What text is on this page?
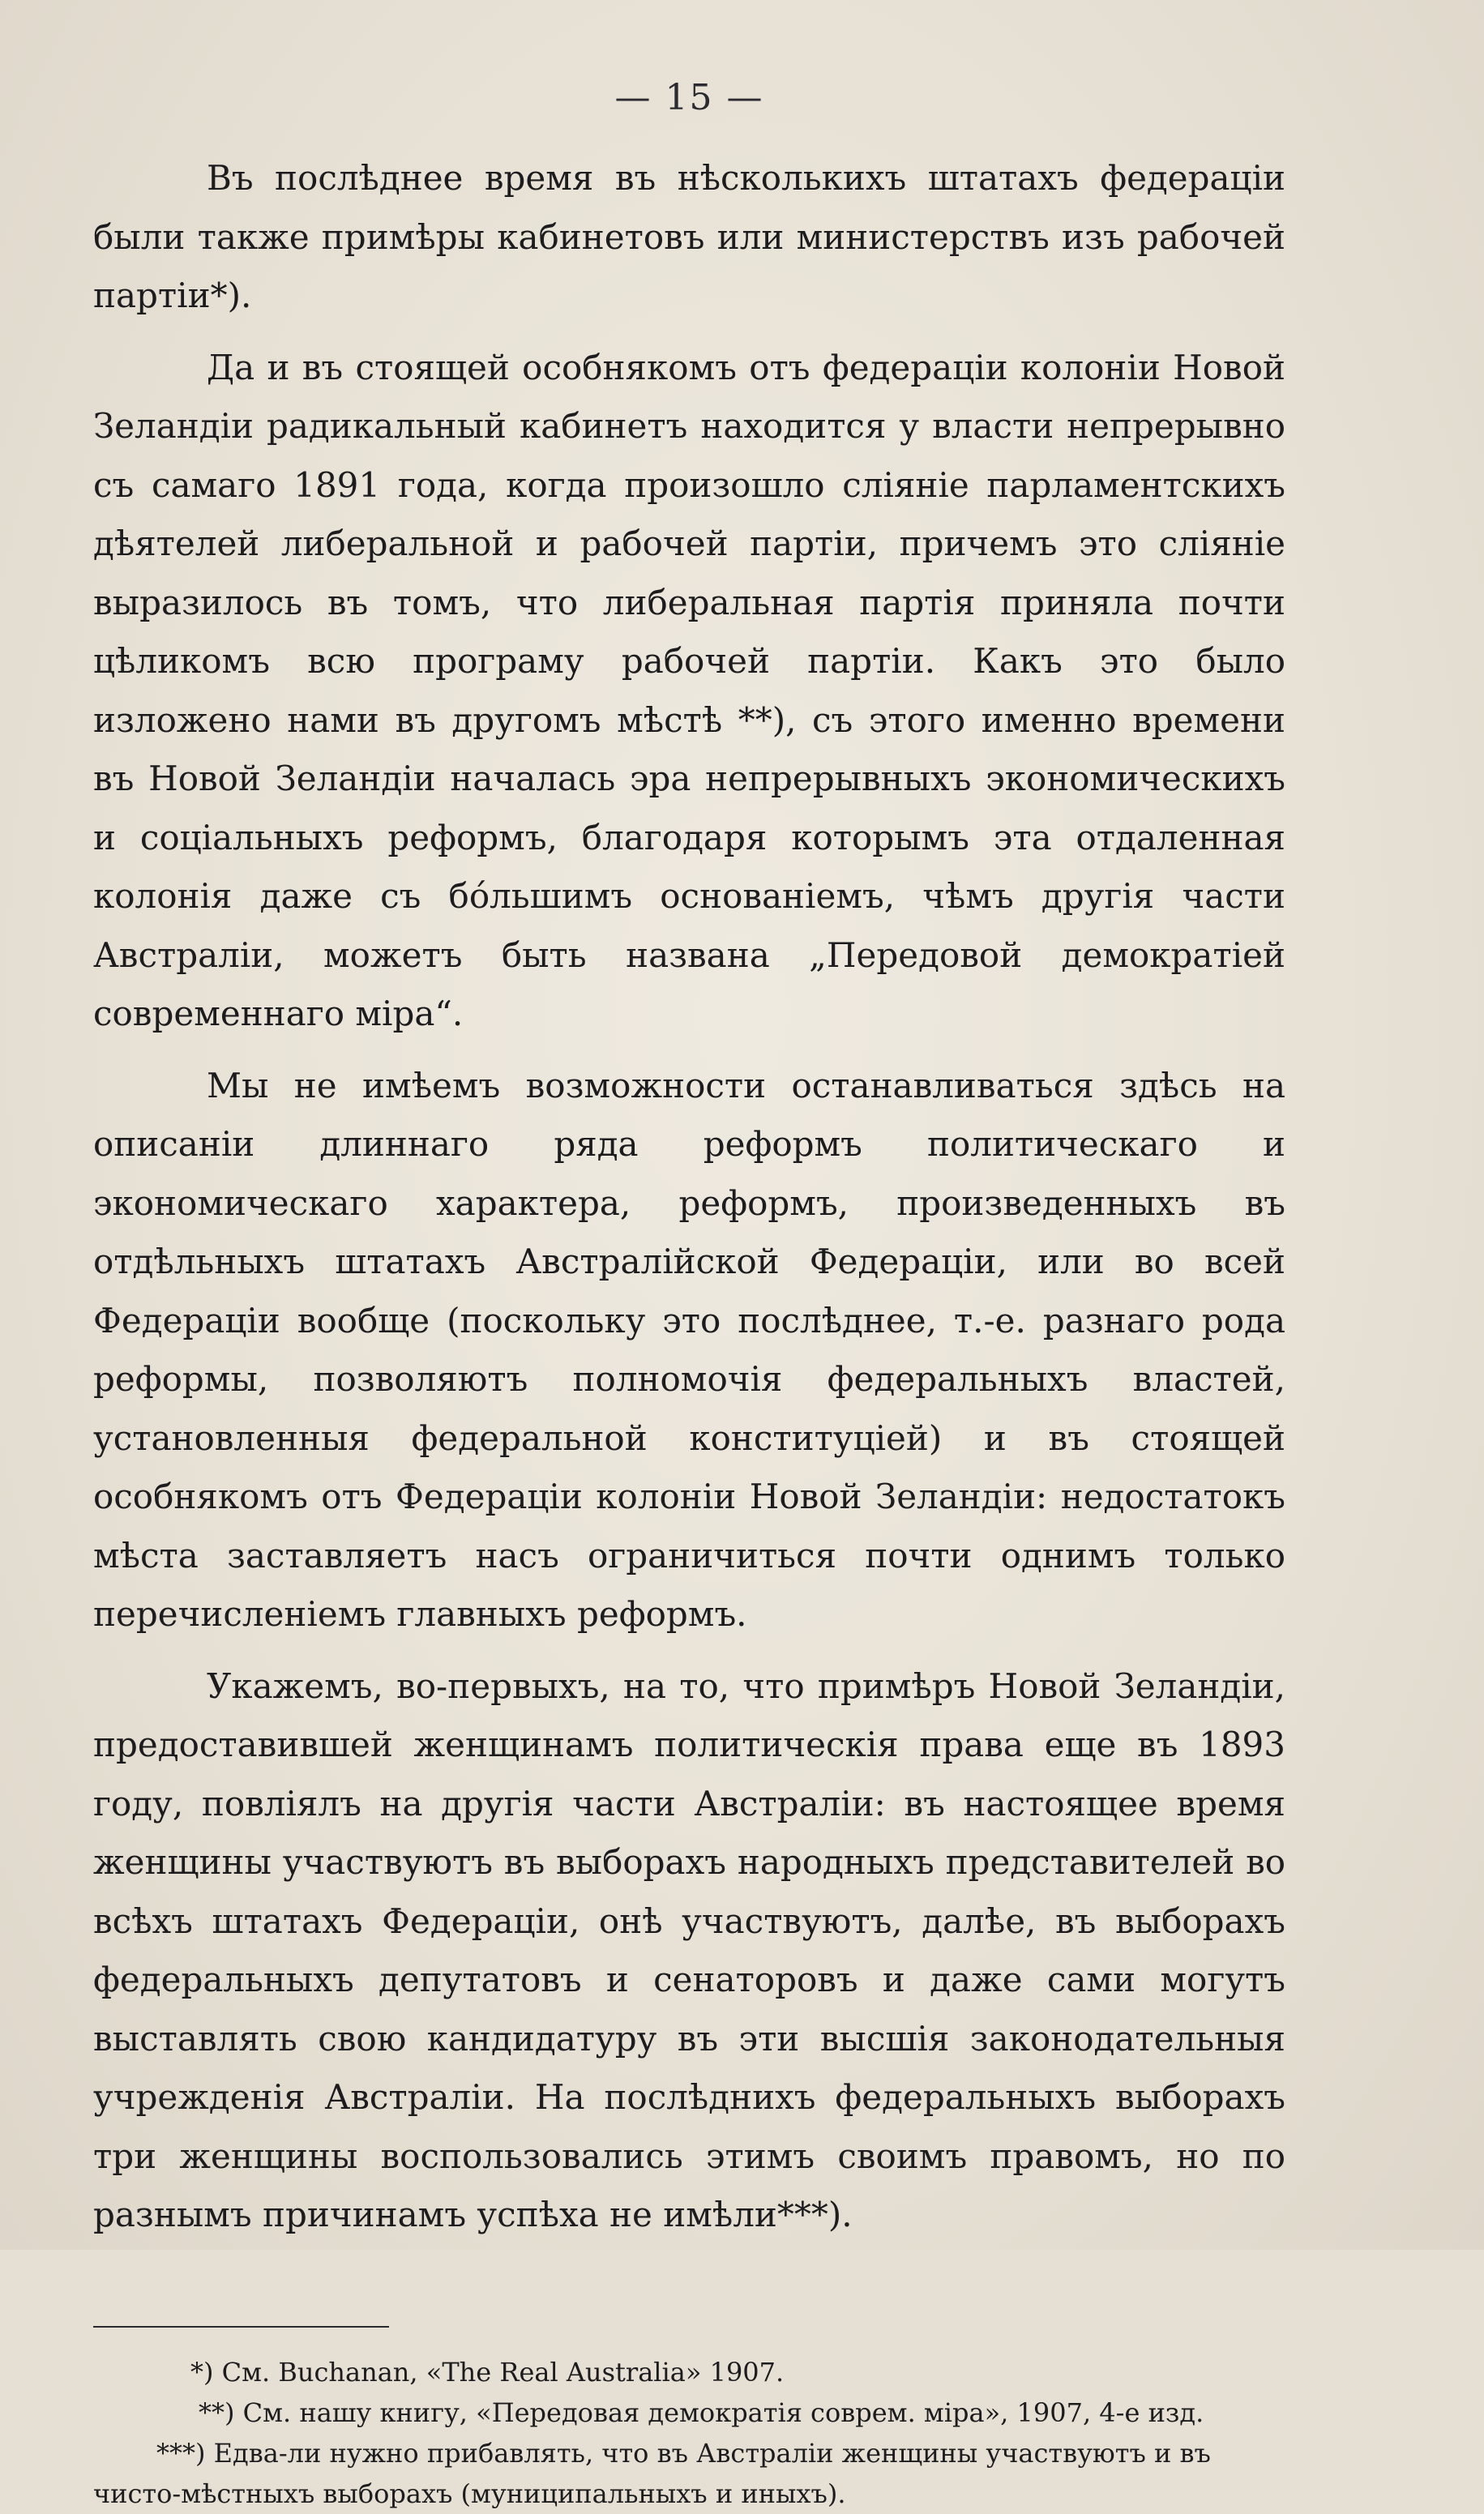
— 15 —

Въ послѣднее время въ нѣсколькихъ штатахъ федераціи были также примѣры кабинетовъ или министерствъ изъ рабочей партіи*).

Да и въ стоящей особнякомъ отъ федераціи колоніи Новой Зеландіи радикальный кабинетъ находится у власти непрерывно съ самаго 1891 года, когда произошло сліяніе парламентскихъ дѣятелей либеральной и рабочей партіи, причемъ это сліяніе выразилось въ томъ, что либеральная партія приняла почти цѣликомъ всю програму рабочей партіи. Какъ это было изложено нами въ другомъ мѣстѣ **), съ этого именно времени въ Новой Зеландіи началась эра непрерывныхъ экономическихъ и соціальныхъ реформъ, благодаря которымъ эта отдаленная колонія даже съ бóльшимъ основаніемъ, чѣмъ другія части Австраліи, можетъ быть названа „Передовой демократіей современнаго міра“.

Мы не имѣемъ возможности останавливаться здѣсь на описаніи длиннаго ряда реформъ политическаго и экономическаго характера, реформъ, произведенныхъ въ отдѣльныхъ штатахъ Австралійской Федераціи, или во всей Федераціи вообще (поскольку это послѣднее, т.-е. разнаго рода реформы, позволяютъ полномочія федеральныхъ властей, установленныя федеральной конституціей) и въ стоящей особнякомъ отъ Федераціи колоніи Новой Зеландіи: недостатокъ мѣста заставляетъ насъ ограничиться почти однимъ только перечисленіемъ главныхъ реформъ.

Укажемъ, во-первыхъ, на то, что примѣръ Новой Зеландіи, предоставившей женщинамъ политическія права еще въ 1893 году, повліялъ на другія части Австраліи: въ настоящее время женщины участвуютъ въ выборахъ народныхъ представителей во всѣхъ штатахъ Федераціи, онѣ участвуютъ, далѣе, въ выборахъ федеральныхъ депутатовъ и сенаторовъ и даже сами могутъ выставлять свою кандидатуру въ эти высшія законодательныя учрежденія Австраліи. На послѣднихъ федеральныхъ выборахъ три женщины воспользовались этимъ своимъ правомъ, но по разнымъ причинамъ успѣха не имѣли***).

*) См. Buchanan, «The Real Australia» 1907.

**) См. нашу книгу, «Передовая демократія соврем. міра», 1907, 4-е изд.

***) Едва-ли нужно прибавлять, что въ Австраліи женщины участвуютъ и въ чисто-мѣстныхъ выборахъ (муниципальныхъ и иныхъ).
